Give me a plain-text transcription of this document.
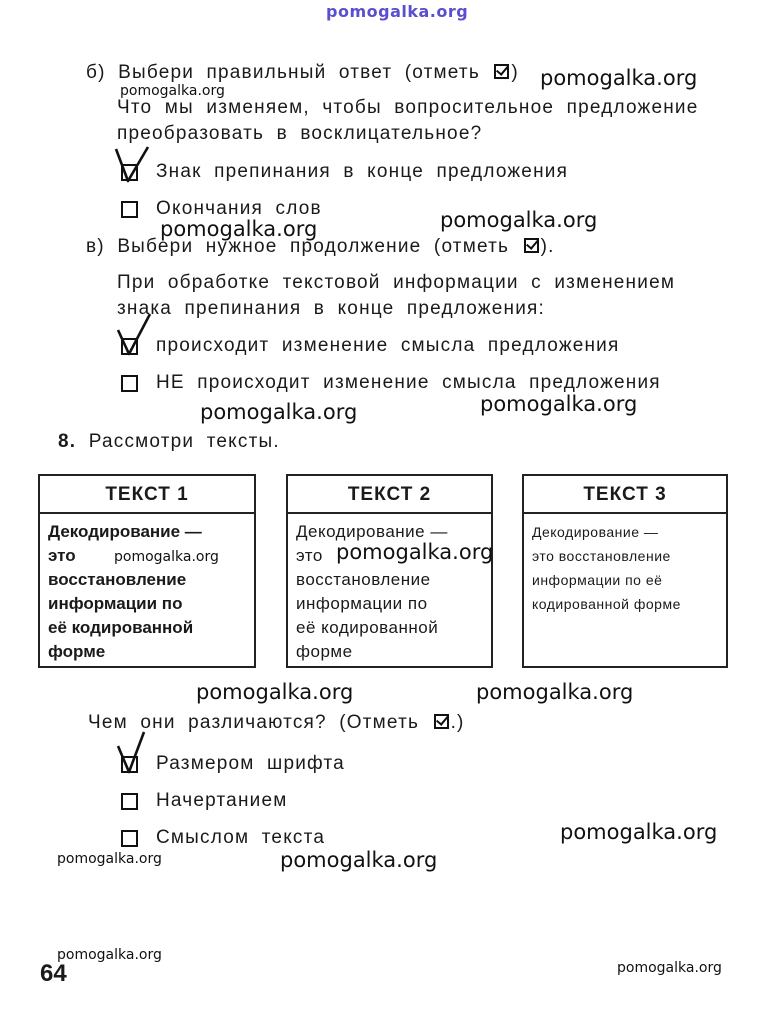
pomogalka.org
pomogalka.org
pomogalka.org
pomogalka.org
pomogalka.org
pomogalka.org	pomogalka.org
pomogalka.org	pomogalka.org
pomogalka.org
pomogalka.org	pomogalka.org
pomogalka.org
pomogalka.org
б) Выбери правильный ответ (отметь )
Что мы изменяем, чтобы вопросительное предложение
преобразовать в восклицательное?
Знак препинания в конце предложения
Окончания слов
в) Выбери нужное продолжение (отметь ).
При обработке текстовой информации с изменением
знака препинания в конце предложения:
происходит изменение смысла предложения
НЕ происходит изменение смысла предложения
8. Рассмотри тексты.
ТЕКСТ 1
Декодирование —
это
восстановление
информации по
её кодированной
форме
ТЕКСТ 2
Декодирование —
это
восстановление
информации по
её кодированной
форме
ТЕКСТ 3
Декодирование —
это восстановление
информации по её
кодированной форме
pomogalka.org	pomogalka.org
Чем они различаются? (Отметь .)
Размером шрифта
Начертанием
Смыслом текста
64
